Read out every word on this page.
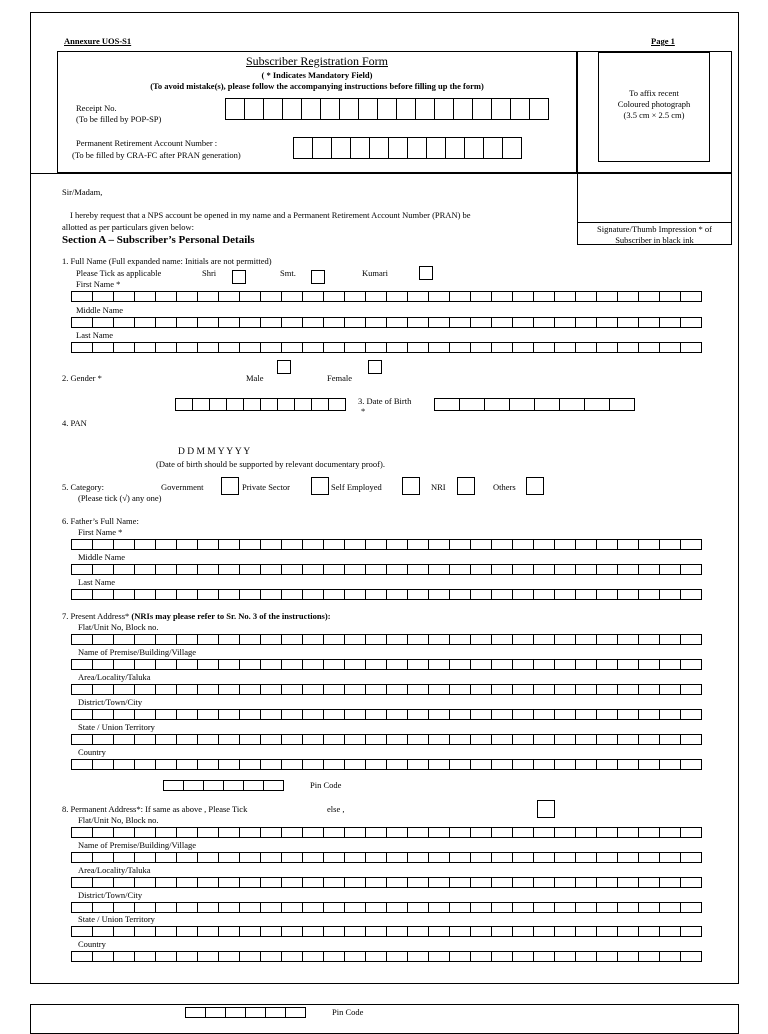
Annexure UOS-S1	Page 1
Subscriber Registration Form
( * Indicates Mandatory Field)
(To avoid mistake(s), please follow the accompanying instructions before filling up the form)
Receipt No.
(To be filled by POP-SP)
Permanent Retirement Account Number :
(To be filled by CRA-FC after PRAN generation)
To affix recent
Coloured photograph
(3.5 cm × 2.5 cm)
Signature/Thumb Impression * of
Subscriber in black ink
Sir/Madam,
I hereby request that a NPS account be opened in my name and a Permanent Retirement Account Number (PRAN) be
allotted as per particulars given below:
Section A – Subscriber’s Personal Details
1. Full Name (Full expanded name: Initials are not permitted)
Please Tick as applicable	Shri	Smt.	Kumari
First Name *
Middle Name
Last Name
2. Gender *	Male	Female
3. Date of Birth
*
4. PAN
D D M M Y Y Y Y
(Date of birth should be supported by relevant documentary proof).
5. Category:
(Please tick (√) any one)
Government	Private Sector	Self Employed	NRI	Others
6. Father’s Full Name:
First Name *
Middle Name
Last Name
7. Present Address* (NRIs may please refer to Sr. No. 3 of the instructions):
Flat/Unit No, Block no.
Name of Premise/Building/Village
Area/Locality/Taluka
District/Town/City
State / Union Territory
Country
Pin Code
8. Permanent Address*: If same as above , Please Tick	else ,
Flat/Unit No, Block no.
Name of Premise/Building/Village
Area/Locality/Taluka
District/Town/City
State / Union Territory
Country
Pin Code
